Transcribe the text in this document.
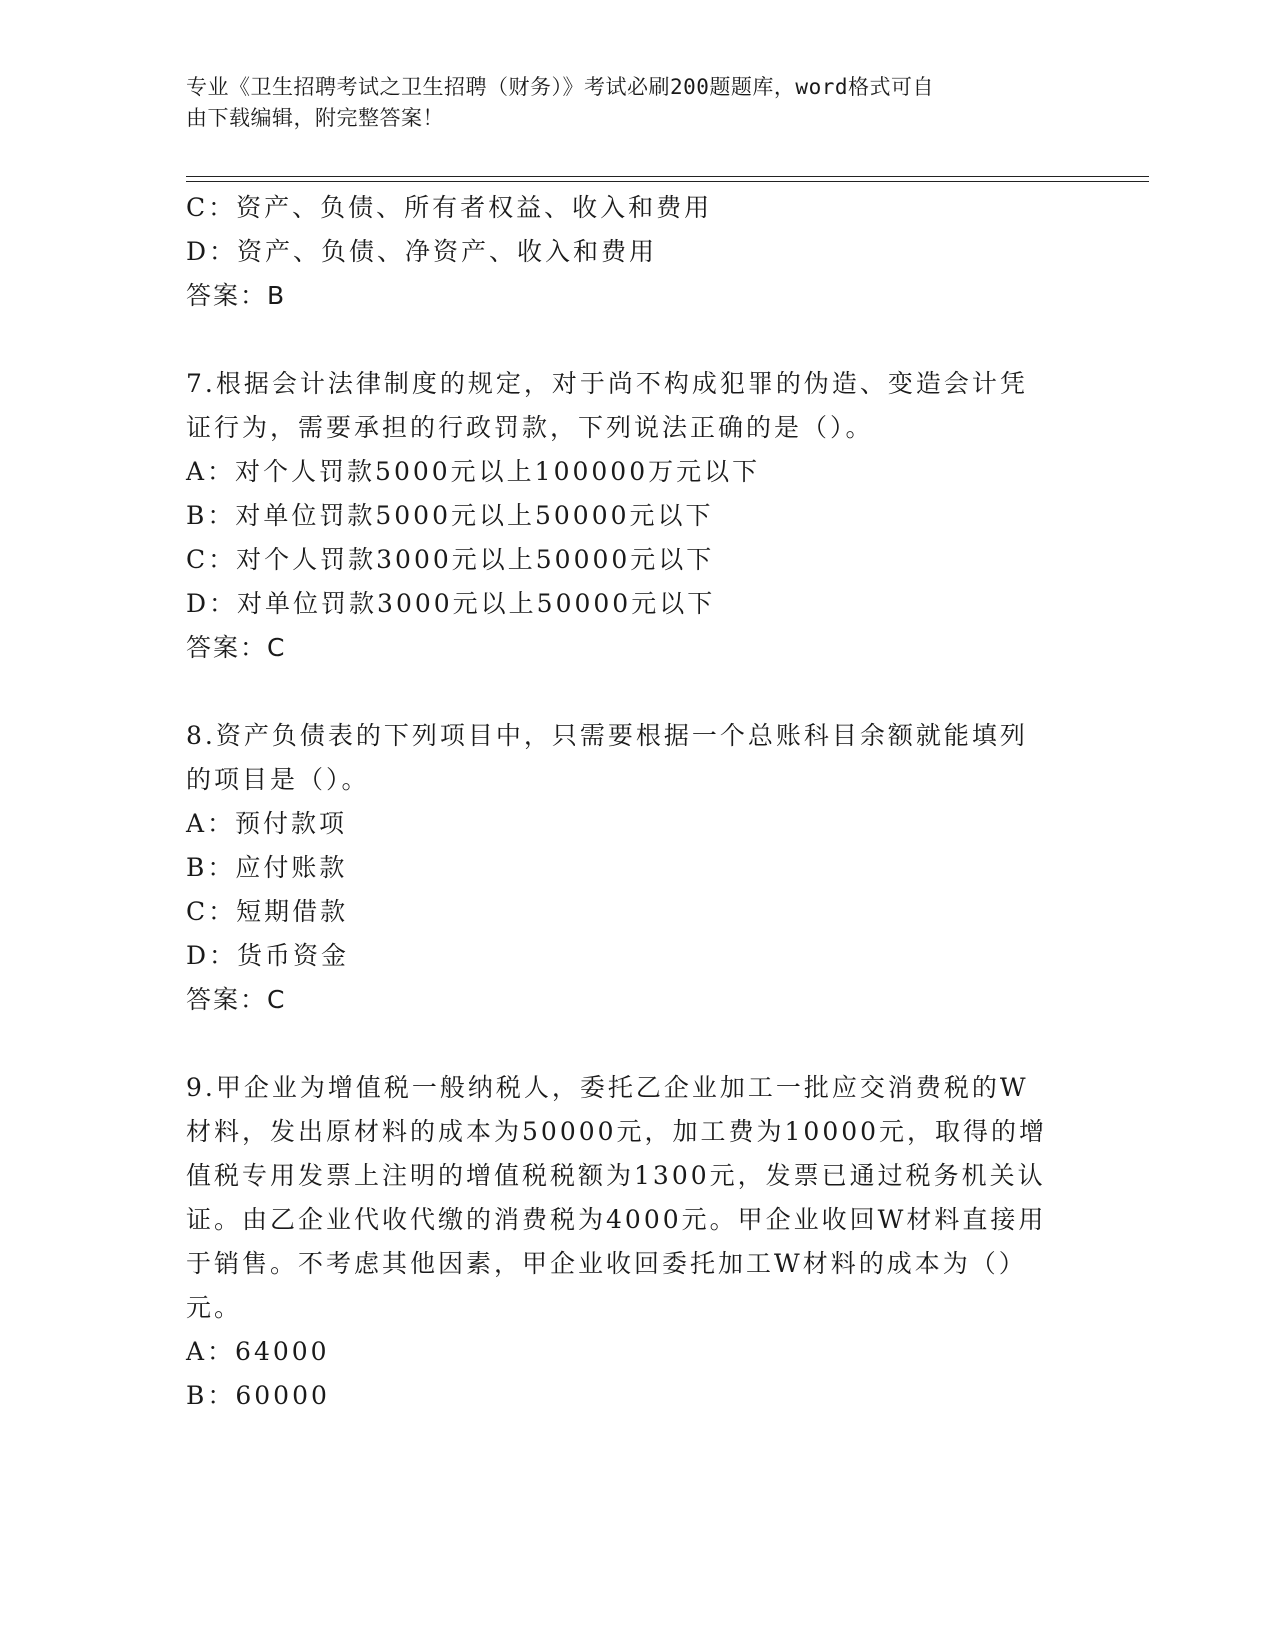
专业《卫生招聘考试之卫生招聘（财务）》考试必刷200题题库，word格式可自
由下载编辑，附完整答案！
C：资产、负债、所有者权益、收入和费用
D：资产、负债、净资产、收入和费用
答案：B
7.根据会计法律制度的规定，对于尚不构成犯罪的伪造、变造会计凭
证行为，需要承担的行政罚款，下列说法正确的是（）。
A：对个人罚款5000元以上100000万元以下
B：对单位罚款5000元以上50000元以下
C：对个人罚款3000元以上50000元以下
D：对单位罚款3000元以上50000元以下
答案：C
8.资产负债表的下列项目中，只需要根据一个总账科目余额就能填列
的项目是（）。
A：预付款项
B：应付账款
C：短期借款
D：货币资金
答案：C
9.甲企业为增值税一般纳税人，委托乙企业加工一批应交消费税的W
材料，发出原材料的成本为50000元，加工费为10000元，取得的增
值税专用发票上注明的增值税税额为1300元，发票已通过税务机关认
证。由乙企业代收代缴的消费税为4000元。甲企业收回W材料直接用
于销售。不考虑其他因素，甲企业收回委托加工W材料的成本为（）
元。
A：64000
B：60000
